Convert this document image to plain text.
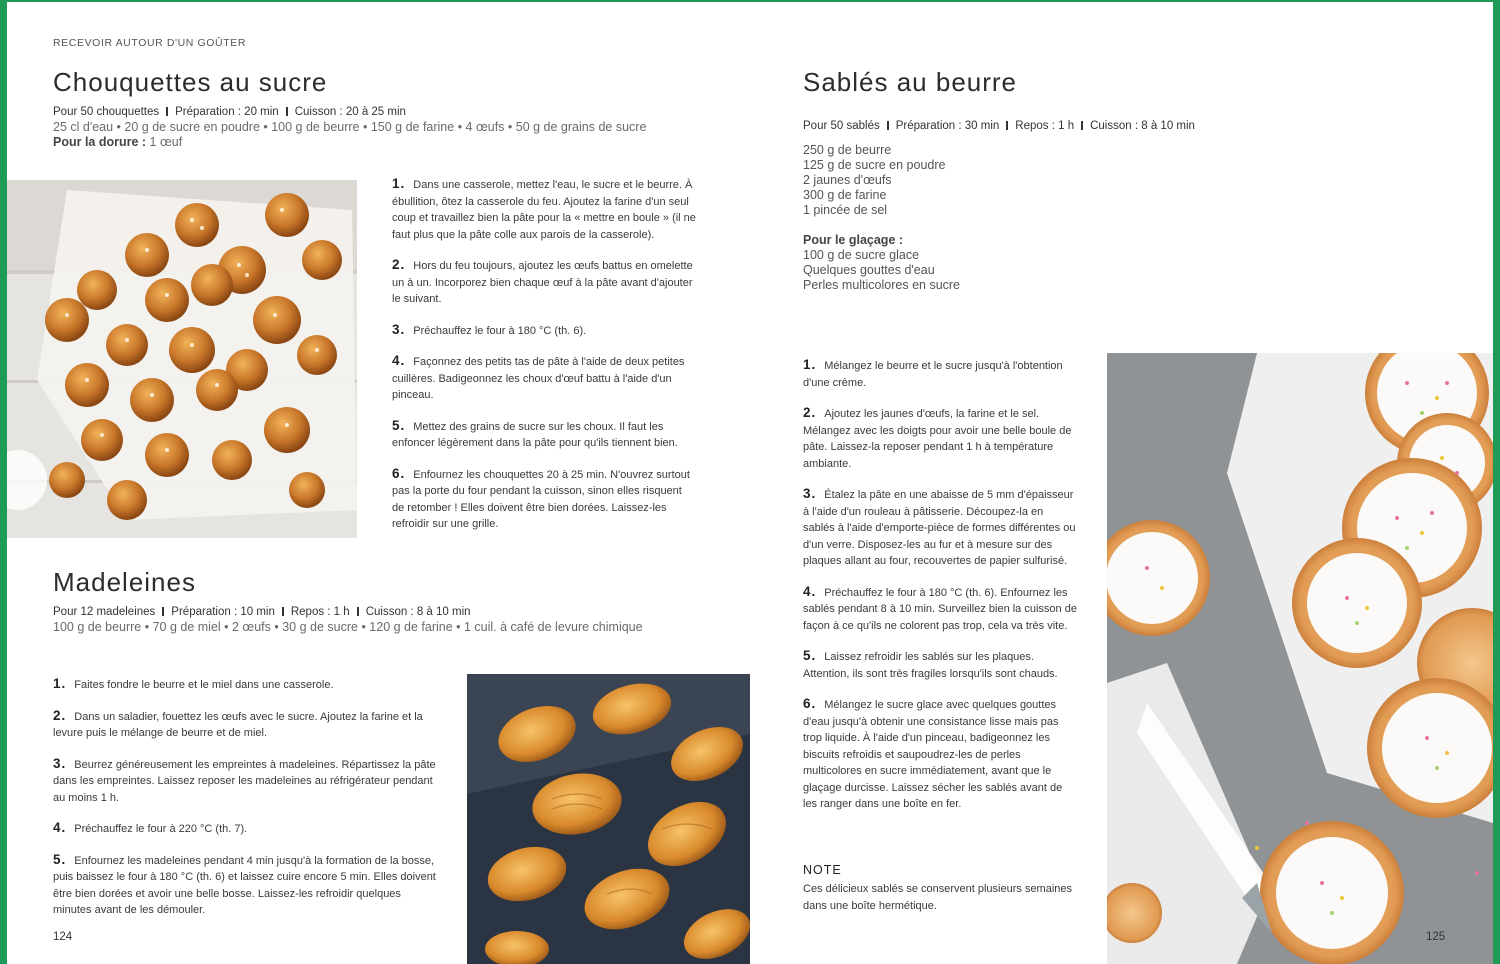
RECEVOIR AUTOUR D'UN GOÛTER
Chouquettes au sucre
Pour 50 chouquettes Préparation : 20 min Cuisson : 20 à 25 min
25 cl d'eau • 20 g de sucre en poudre • 100 g de beurre • 150 g de farine • 4 œufs • 50 g de grains de sucre
Pour la dorure : 1 œuf
1. Dans une casserole, mettez l'eau, le sucre et le beurre. À ébullition, ôtez la casserole du feu. Ajoutez la farine d'un seul coup et travaillez bien la pâte pour la « mettre en boule » (il ne faut plus que la pâte colle aux parois de la casserole).
2. Hors du feu toujours, ajoutez les œufs battus en omelette un à un. Incorporez bien chaque œuf à la pâte avant d'ajouter le suivant.
3. Préchauffez le four à 180 °C (th. 6).
4. Façonnez des petits tas de pâte à l'aide de deux petites cuillères. Badigeonnez les choux d'œuf battu à l'aide d'un pinceau.
5. Mettez des grains de sucre sur les choux. Il faut les enfoncer légèrement dans la pâte pour qu'ils tiennent bien.
6. Enfournez les chouquettes 20 à 25 min. N'ouvrez surtout pas la porte du four pendant la cuisson, sinon elles risquent de retomber ! Elles doivent être bien dorées. Laissez-les refroidir sur une grille.
Madeleines
Pour 12 madeleines Préparation : 10 min Repos : 1 h Cuisson : 8 à 10 min
100 g de beurre • 70 g de miel • 2 œufs • 30 g de sucre • 120 g de farine • 1 cuil. à café de levure chimique
1. Faites fondre le beurre et le miel dans une casserole.
2. Dans un saladier, fouettez les œufs avec le sucre. Ajoutez la farine et la levure puis le mélange de beurre et de miel.
3. Beurrez généreusement les empreintes à madeleines. Répartissez la pâte dans les empreintes. Laissez reposer les madeleines au réfrigérateur pendant au moins 1 h.
4. Préchauffez le four à 220 °C (th. 7).
5. Enfournez les madeleines pendant 4 min jusqu'à la formation de la bosse, puis baissez le four à 180 °C (th. 6) et laissez cuire encore 5 min. Elles doivent être bien dorées et avoir une belle bosse. Laissez-les refroidir quelques minutes avant de les démouler.
124
Sablés au beurre
Pour 50 sablés Préparation : 30 min Repos : 1 h Cuisson : 8 à 10 min
250 g de beurre
125 g de sucre en poudre
2 jaunes d'œufs
300 g de farine
1 pincée de sel
Pour le glaçage :
100 g de sucre glace
Quelques gouttes d'eau
Perles multicolores en sucre
1. Mélangez le beurre et le sucre jusqu'à l'obtention d'une crème.
2. Ajoutez les jaunes d'œufs, la farine et le sel. Mélangez avec les doigts pour avoir une belle boule de pâte. Laissez-la reposer pendant 1 h à température ambiante.
3. Étalez la pâte en une abaisse de 5 mm d'épaisseur à l'aide d'un rouleau à pâtisserie. Découpez-la en sablés à l'aide d'emporte-pièce de formes différentes ou d'un verre. Disposez-les au fur et à mesure sur des plaques allant au four, recouvertes de papier sulfurisé.
4. Préchauffez le four à 180 °C (th. 6). Enfournez les sablés pendant 8 à 10 min. Surveillez bien la cuisson de façon à ce qu'ils ne colorent pas trop, cela va très vite.
5. Laissez refroidir les sablés sur les plaques. Attention, ils sont très fragiles lorsqu'ils sont chauds.
6. Mélangez le sucre glace avec quelques gouttes d'eau jusqu'à obtenir une consistance lisse mais pas trop liquide. À l'aide d'un pinceau, badigeonnez les biscuits refroidis et saupoudrez-les de perles multicolores en sucre immédiatement, avant que le glaçage durcisse. Laissez sécher les sablés avant de les ranger dans une boîte en fer.
NOTE
Ces délicieux sablés se conservent plusieurs semaines dans une boîte hermétique.
125
